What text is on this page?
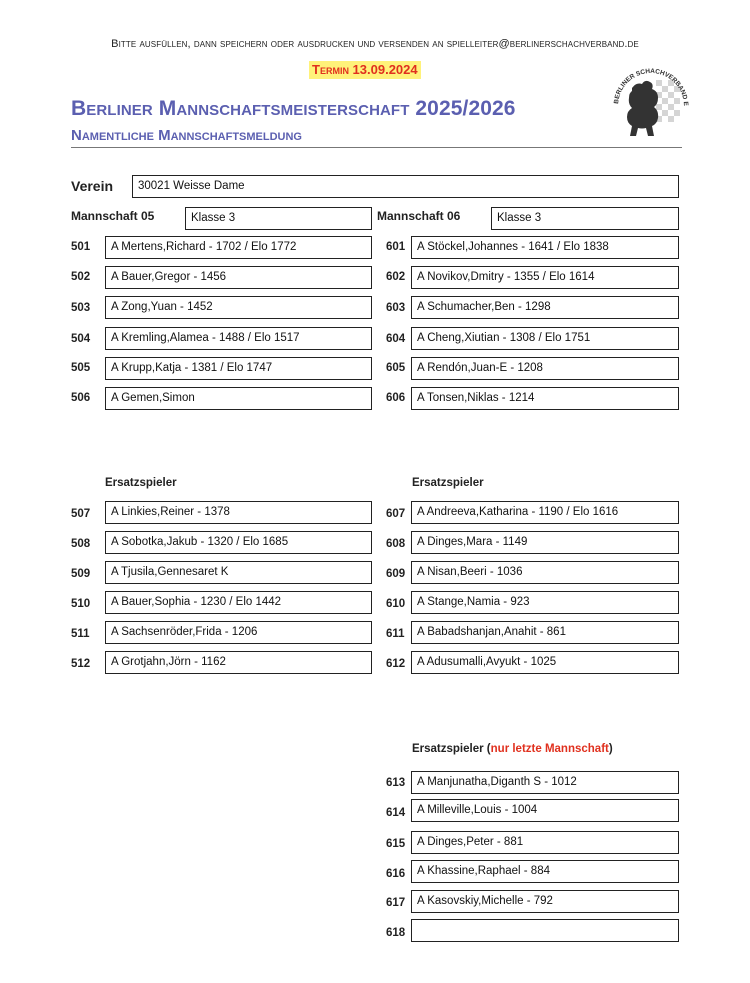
Bitte ausfüllen, dann speichern oder ausdrucken und versenden an spielleiter@berlinerschachverband.de
Termin 13.09.2024
Berliner Mannschaftsmeisterschaft 2025/2026
Namentliche Mannschaftsmeldung
BERLINER SCHACHVERBAND E
Verein	30021 Weisse Dame
Mannschaft 05	Klasse 3	Mannschaft 06	Klasse 3
501	A Mertens,Richard - 1702 / Elo 1772
502	A Bauer,Gregor - 1456
503	A Zong,Yuan - 1452
504	A Kremling,Alamea - 1488 / Elo 1517
505	A Krupp,Katja - 1381 / Elo 1747
506	A Gemen,Simon
601	A Stöckel,Johannes - 1641 / Elo 1838
602	A Novikov,Dmitry - 1355 / Elo 1614
603	A Schumacher,Ben - 1298
604	A Cheng,Xiutian - 1308 / Elo 1751
605	A Rendón,Juan-E - 1208
606	A Tonsen,Niklas - 1214
Ersatzspieler	Ersatzspieler
507	A Linkies,Reiner - 1378
508	A Sobotka,Jakub - 1320 / Elo 1685
509	A Tjusila,Gennesaret K
510	A Bauer,Sophia - 1230 / Elo 1442
511	A Sachsenröder,Frida - 1206
512	A Grotjahn,Jörn - 1162
607	A Andreeva,Katharina - 1190 / Elo 1616
608	A Dinges,Mara - 1149
609	A Nisan,Beeri - 1036
610	A Stange,Namia - 923
611	A Babadshanjan,Anahit - 861
612	A Adusumalli,Avyukt - 1025
Ersatzspieler (nur letzte Mannschaft)
613	A Manjunatha,Diganth S - 1012
614	A Milleville,Louis - 1004
615	A Dinges,Peter - 881
616	A Khassine,Raphael - 884
617	A Kasovskiy,Michelle - 792
618
